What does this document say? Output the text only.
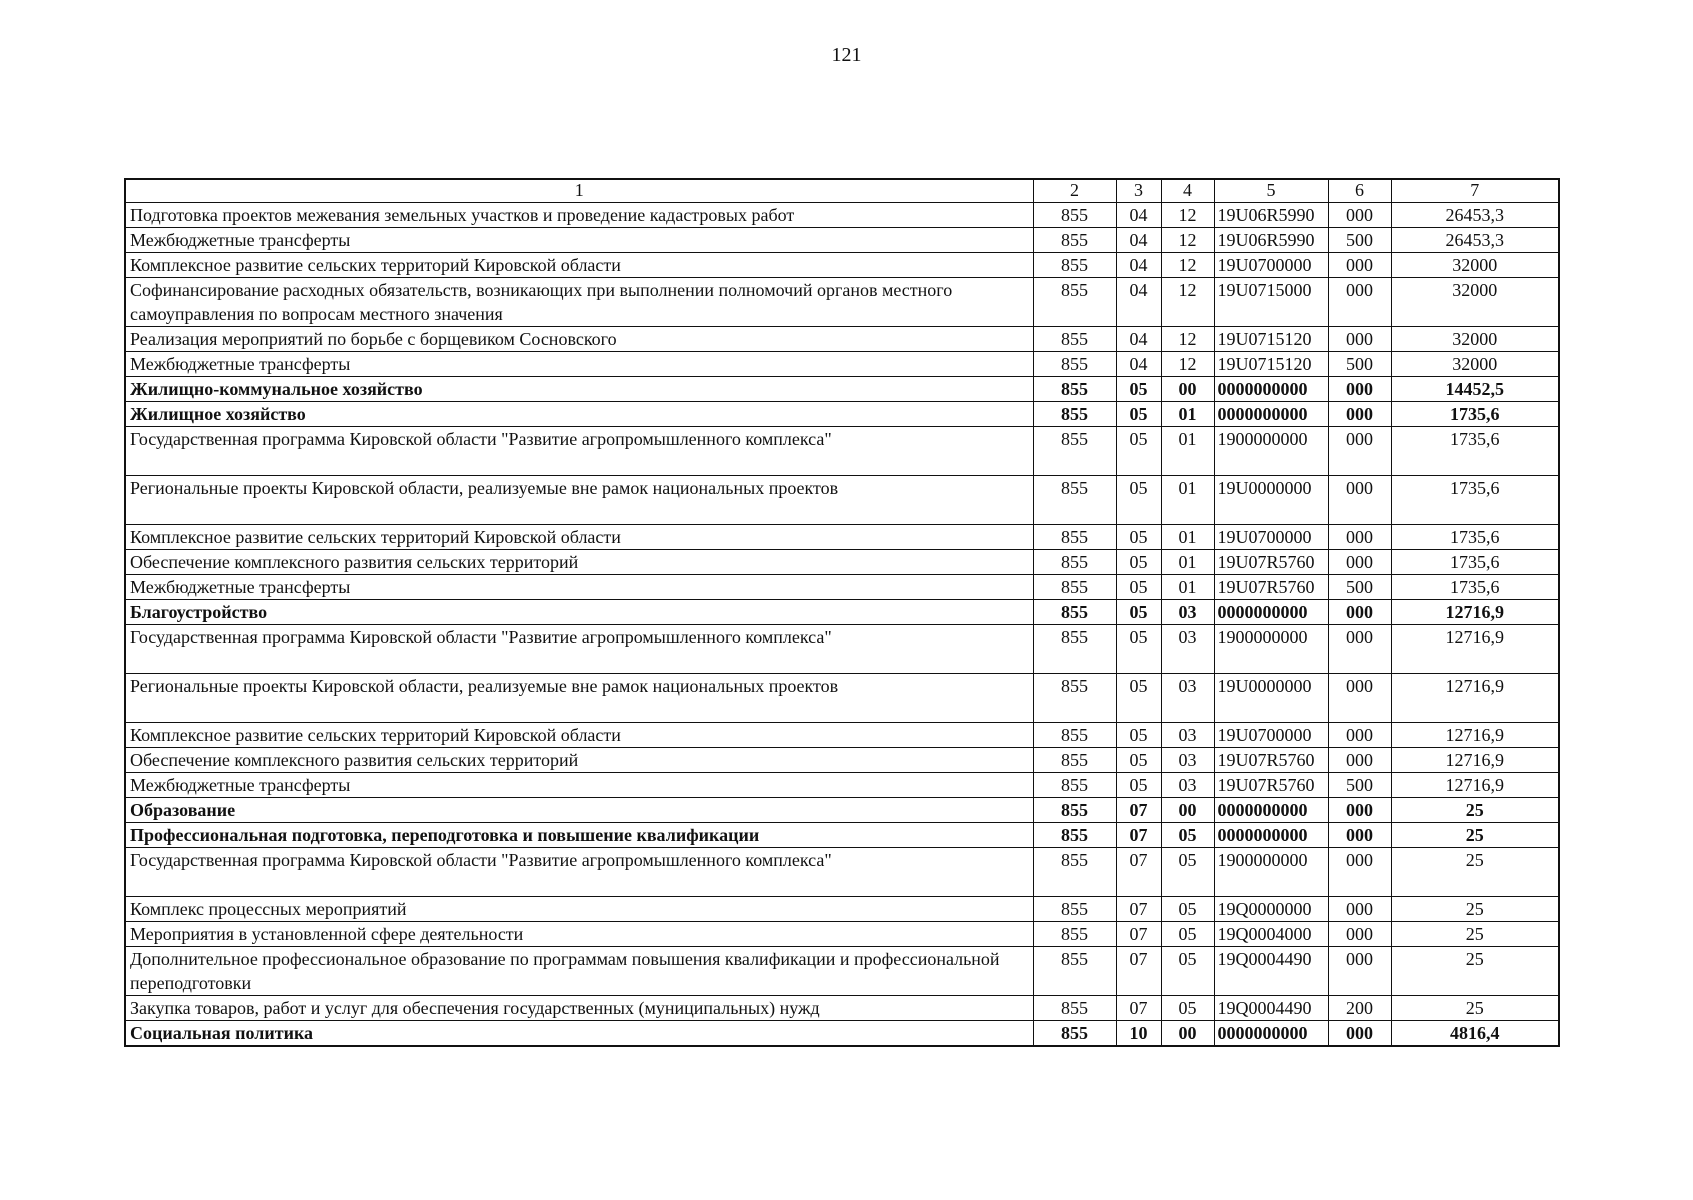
121
1	2	3	4	5	6	7
Подготовка проектов межевания земельных участков и проведение кадастровых работ	855	04	12	19U06R5990	000	26453,3
Межбюджетные трансферты	855	04	12	19U06R5990	500	26453,3
Комплексное развитие сельских территорий Кировской области	855	04	12	19U0700000	000	32000
Софинансирование расходных обязательств, возникающих при выполнении полномочий органов местного самоуправления по вопросам местного значения	855	04	12	19U0715000	000	32000
Реализация мероприятий по борьбе с борщевиком Сосновского	855	04	12	19U0715120	000	32000
Межбюджетные трансферты	855	04	12	19U0715120	500	32000
Жилищно-коммунальное хозяйство	855	05	00	0000000000	000	14452,5
Жилищное хозяйство	855	05	01	0000000000	000	1735,6
Государственная программа Кировской области "Развитие агропромышленного комплекса"	855	05	01	1900000000	000	1735,6
Региональные проекты Кировской области, реализуемые вне рамок национальных проектов	855	05	01	19U0000000	000	1735,6
Комплексное развитие сельских территорий Кировской области	855	05	01	19U0700000	000	1735,6
Обеспечение комплексного развития сельских территорий	855	05	01	19U07R5760	000	1735,6
Межбюджетные трансферты	855	05	01	19U07R5760	500	1735,6
Благоустройство	855	05	03	0000000000	000	12716,9
Государственная программа Кировской области "Развитие агропромышленного комплекса"	855	05	03	1900000000	000	12716,9
Региональные проекты Кировской области, реализуемые вне рамок национальных проектов	855	05	03	19U0000000	000	12716,9
Комплексное развитие сельских территорий Кировской области	855	05	03	19U0700000	000	12716,9
Обеспечение комплексного развития сельских территорий	855	05	03	19U07R5760	000	12716,9
Межбюджетные трансферты	855	05	03	19U07R5760	500	12716,9
Образование	855	07	00	0000000000	000	25
Профессиональная подготовка, переподготовка и повышение квалификации	855	07	05	0000000000	000	25
Государственная программа Кировской области "Развитие агропромышленного комплекса"	855	07	05	1900000000	000	25
Комплекс процессных мероприятий	855	07	05	19Q0000000	000	25
Мероприятия в установленной сфере деятельности	855	07	05	19Q0004000	000	25
Дополнительное профессиональное образование по программам повышения квалификации и профессиональной переподготовки	855	07	05	19Q0004490	000	25
Закупка товаров, работ и услуг для обеспечения государственных (муниципальных) нужд	855	07	05	19Q0004490	200	25
Социальная политика	855	10	00	0000000000	000	4816,4
